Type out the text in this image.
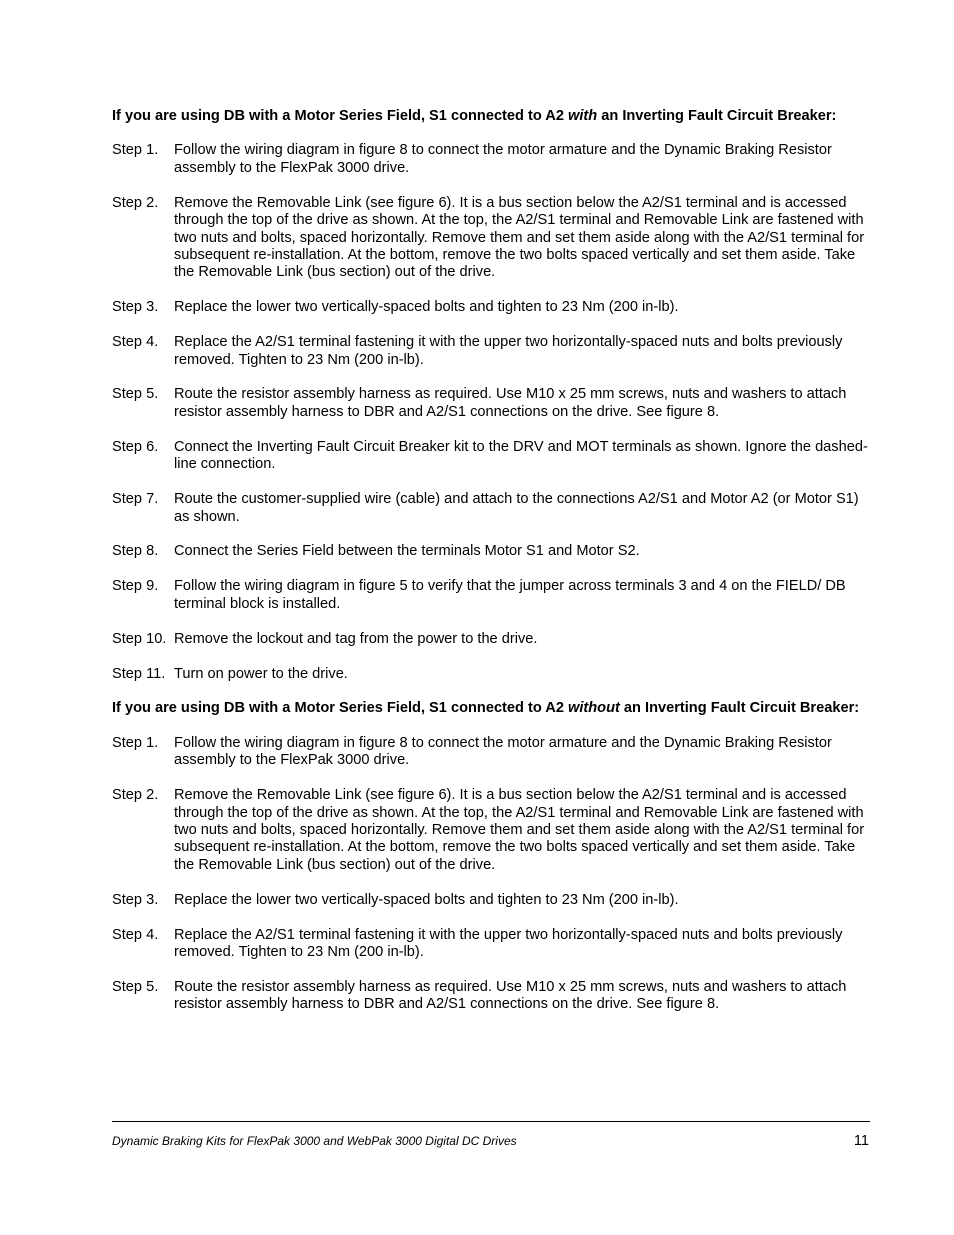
If you are using DB with a Motor Series Field, S1 connected to A2 with an Inverting Fault Circuit Breaker:
Step 1.	Follow the wiring diagram in figure 8 to connect the motor armature and the Dynamic Braking Resistor assembly to the FlexPak 3000 drive.
Step 2.	Remove the Removable Link (see figure 6). It is a bus section below the A2/S1 terminal and is accessed through the top of the drive as shown. At the top, the A2/S1 terminal and Removable Link are fastened with two nuts and bolts, spaced horizontally. Remove them and set them aside along with the A2/S1 terminal for subsequent re-installation. At the bottom, remove the two bolts spaced vertically and set them aside. Take the Removable Link (bus section) out of the drive.
Step 3.	Replace the lower two vertically-spaced bolts and tighten to 23 Nm (200 in-lb).
Step 4.	Replace the A2/S1 terminal fastening it with the upper two horizontally-spaced nuts and bolts previously removed. Tighten to 23 Nm (200 in-lb).
Step 5.	Route the resistor assembly harness as required. Use M10 x 25 mm screws, nuts and washers to attach resistor assembly harness to DBR and A2/S1 connections on the drive. See figure 8.
Step 6.	Connect the Inverting Fault Circuit Breaker kit to the DRV and MOT terminals as shown. Ignore the dashed-line connection.
Step 7.	Route the customer-supplied wire (cable) and attach to the connections A2/S1 and Motor A2 (or Motor S1) as shown.
Step 8.	Connect the Series Field between the terminals Motor S1 and Motor S2.
Step 9.	Follow the wiring diagram in figure 5 to verify that the jumper across terminals 3 and 4 on the FIELD/ DB terminal block is installed.
Step 10. Remove the lockout and tag from the power to the drive.
Step 11. Turn on power to the drive.
If you are using DB with a Motor Series Field, S1 connected to A2 without an Inverting Fault Circuit Breaker:
Step 1.	Follow the wiring diagram in figure 8 to connect the motor armature and the Dynamic Braking Resistor assembly to the FlexPak 3000 drive.
Step 2.	Remove the Removable Link (see figure 6). It is a bus section below the A2/S1 terminal and is accessed through the top of the drive as shown. At the top, the A2/S1 terminal and Removable Link are fastened with two nuts and bolts, spaced horizontally. Remove them and set them aside along with the A2/S1 terminal for subsequent re-installation. At the bottom, remove the two bolts spaced vertically and set them aside. Take the Removable Link (bus section) out of the drive.
Step 3.	Replace the lower two vertically-spaced bolts and tighten to 23 Nm (200 in-lb).
Step 4.	Replace the A2/S1 terminal fastening it with the upper two horizontally-spaced nuts and bolts previously removed. Tighten to 23 Nm (200 in-lb).
Step 5.	Route the resistor assembly harness as required. Use M10 x 25 mm screws, nuts and washers to attach resistor assembly harness to DBR and A2/S1 connections on the drive. See figure 8.
Dynamic Braking Kits for FlexPak 3000 and WebPak 3000 Digital DC Drives	11
